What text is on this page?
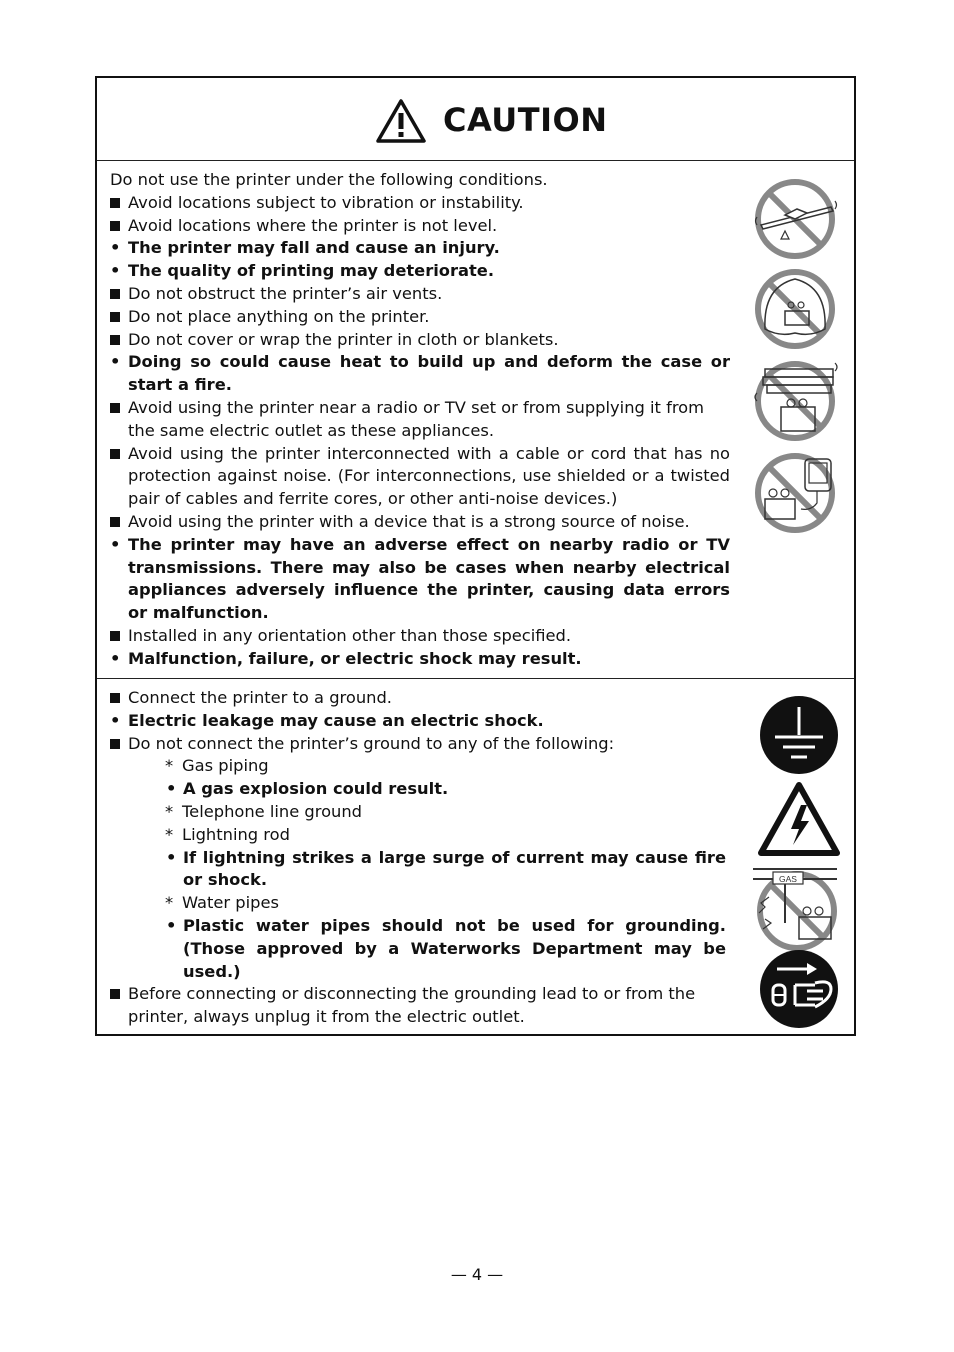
CAUTION
Do not use the printer under the following conditions.
Avoid locations subject to vibration or instability.
Avoid locations where the printer is not level.
• The printer may fall and cause an injury.
• The quality of printing may deteriorate.
Do not obstruct the printer’s air vents.
Do not place anything on the printer.
Do not cover or wrap the printer in cloth or blankets.
• Doing so could cause heat to build up and deform the case or start a fire.
Avoid using the printer near a radio or TV set or from supplying it from the same electric outlet as these appliances.
Avoid using the printer interconnected with a cable or cord that has no protection against noise. (For interconnections, use shielded or a twisted pair of cables and ferrite cores, or other anti-noise devices.)
Avoid using the printer with a device that is a strong source of noise.
• The printer may have an adverse effect on nearby radio or TV transmissions. There may also be cases when nearby electrical appliances adversely influence the printer, causing data errors or malfunction.
Installed in any orientation other than those specified.
• Malfunction, failure, or electric shock may result.
Connect the printer to a ground.
• Electric leakage may cause an electric shock.
Do not connect the printer’s ground to any of the following:
* Gas piping
• A gas explosion could result.
* Telephone line ground
* Lightning rod
• If lightning strikes a large surge of current may cause fire or shock.
* Water pipes
• Plastic water pipes should not be used for grounding. (Those approved by a Waterworks Department may be used.)
Before connecting or disconnecting the grounding lead to or from the printer, always unplug it from the electric outlet.
GAS
— 4 —
